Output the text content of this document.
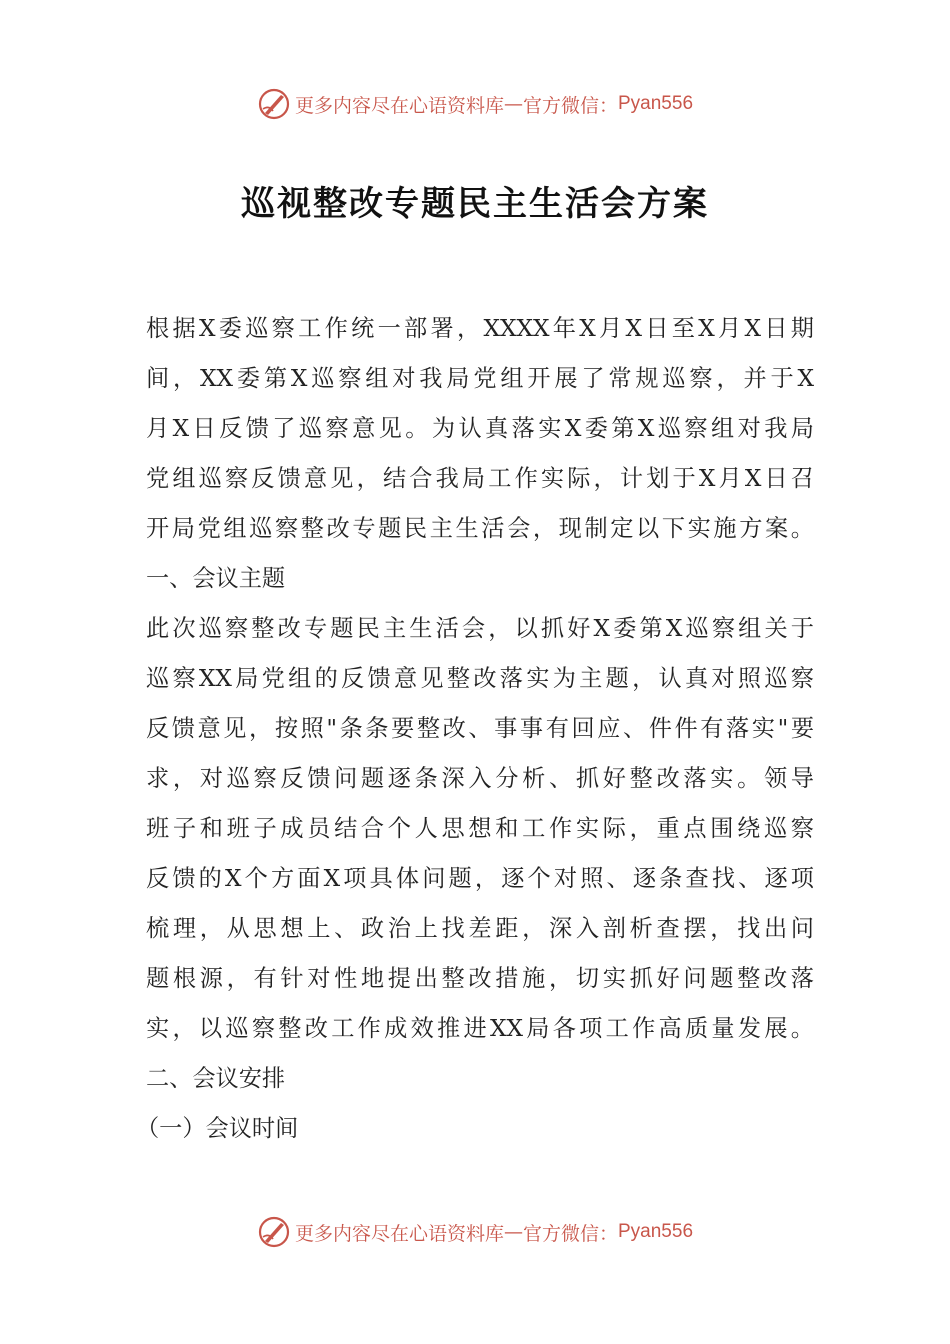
更多内容尽在心语资料库 — 官方微信： Pyan556
巡视整改专题民主生活会方案
根据X委巡察工作统一部署，XXXX年X月X日至X月X日期
间，XX委第X巡察组对我局党组开展了常规巡察，并于X
月X日反馈了巡察意见。为认真落实X委第X巡察组对我局
党组巡察反馈意见，结合我局工作实际，计划于X月X日召
开局党组巡察整改专题民主生活会，现制定以下实施方案。
一、会议主题
此次巡察整改专题民主生活会，以抓好X委第X巡察组关于
巡察XX局党组的反馈意见整改落实为主题，认真对照巡察
反馈意见，按照"条条要整改、事事有回应、件件有落实"要
求，对巡察反馈问题逐条深入分析、抓好整改落实。领导
班子和班子成员结合个人思想和工作实际，重点围绕巡察
反馈的X个方面X项具体问题，逐个对照、逐条查找、逐项
梳理，从思想上、政治上找差距，深入剖析查摆，找出问
题根源，有针对性地提出整改措施，切实抓好问题整改落
实，以巡察整改工作成效推进XX局各项工作高质量发展。
二、会议安排
（一）会议时间
更多内容尽在心语资料库 — 官方微信： Pyan556
